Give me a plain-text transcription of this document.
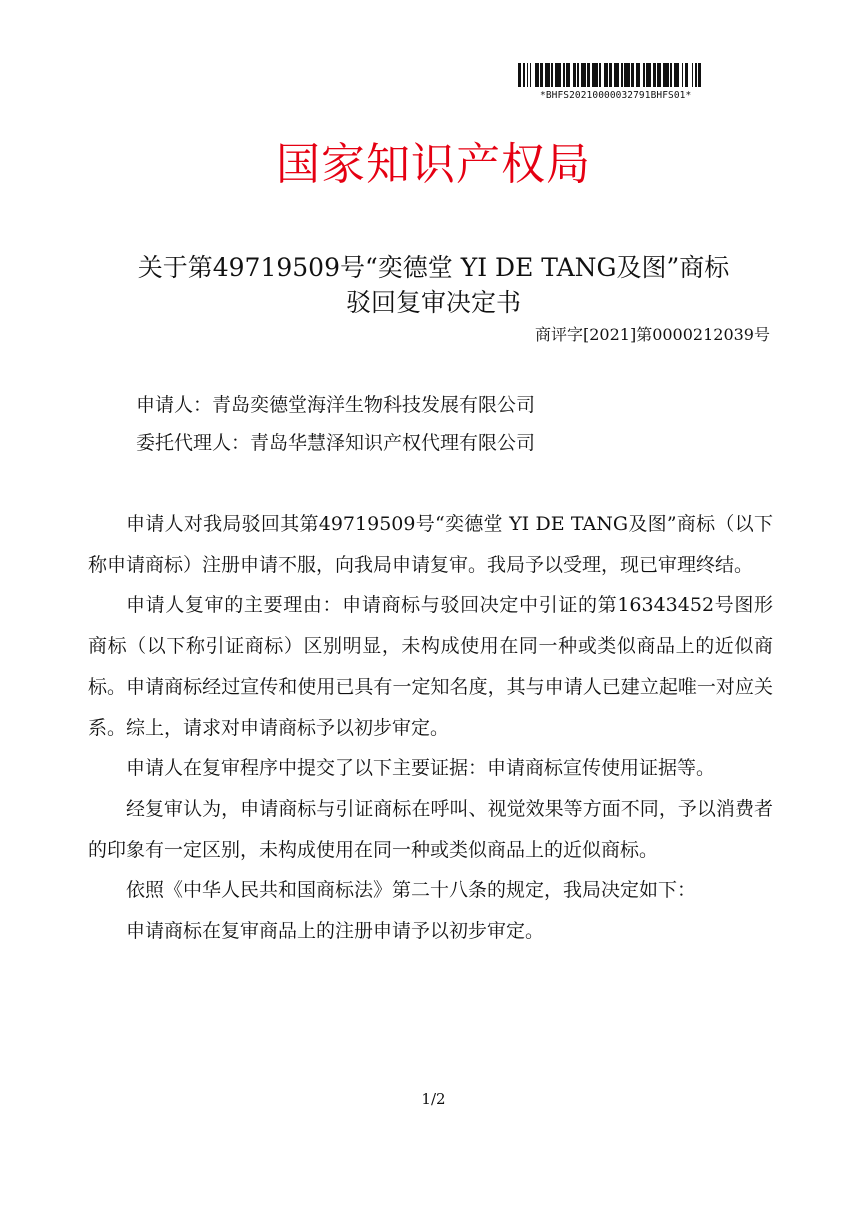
*BHFS20210000032791BHFS01*
国家知识产权局
关于第49719509号“奕德堂 YI DE TANG及图”商标
驳回复审决定书
商评字[2021]第0000212039号
申请人：青岛奕德堂海洋生物科技发展有限公司
委托代理人：青岛华慧泽知识产权代理有限公司

申请人对我局驳回其第49719509号“奕德堂 YI DE TANG及图”商标（以下称申请商标）注册申请不服，向我局申请复审。我局予以受理，现已审理终结。

申请人复审的主要理由：申请商标与驳回决定中引证的第16343452号图形商标（以下称引证商标）区别明显，未构成使用在同一种或类似商品上的近似商标。申请商标经过宣传和使用已具有一定知名度，其与申请人已建立起唯一对应关系。综上，请求对申请商标予以初步审定。

申请人在复审程序中提交了以下主要证据：申请商标宣传使用证据等。

经复审认为，申请商标与引证商标在呼叫、视觉效果等方面不同，予以消费者的印象有一定区别，未构成使用在同一种或类似商品上的近似商标。

依照《中华人民共和国商标法》第二十八条的规定，我局决定如下：

申请商标在复审商品上的注册申请予以初步审定。

1/2
